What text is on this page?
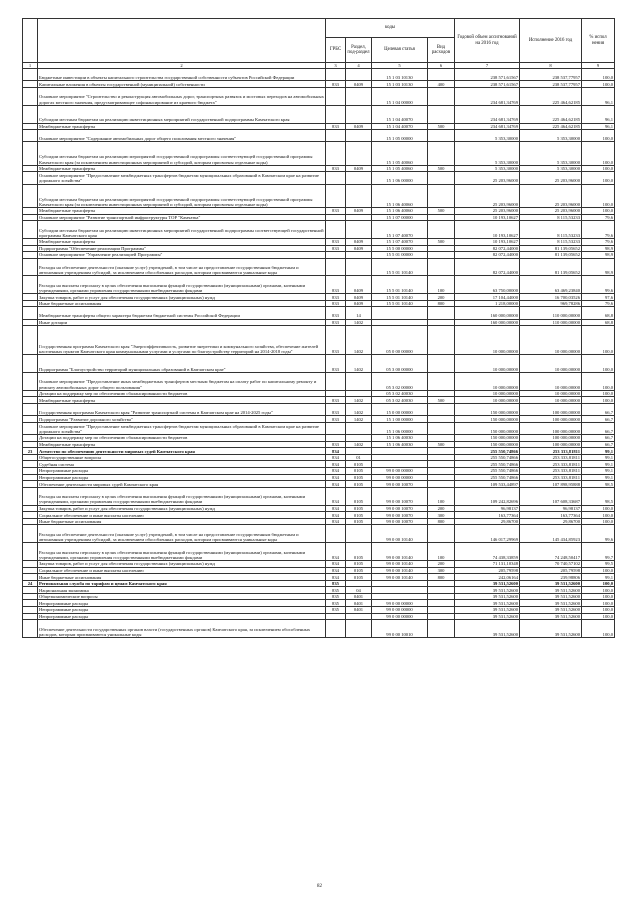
		коды				Годовой объем ассигнований на 2016 год	Исполнение 2016 год	% испол нения
		ГРБС	Раздел, под-раздел	Целевая статья	Вид расходов			
1	2	3	4	5	6	7	8	9
	Бюджетные инвестиции в объекты капитального строительства государственной собственности субъектов Российской Федерации			15 1 03 10130		238 571,61567	238 537,77957	100,0
	Капитальные вложения в объекты государственной (муниципальной) собственности	833	0409	15 1 03 10130	400	238 571,61567	238 537,77957	100,0
	Основное мероприятие "Строительство и реконструкция автомобильных дорог, транспортных развязок и мостовых переходов на автомобильных дорогах местного значения, предусматривающее софинансирование из краевого бюджета"			15 1 04 00000		234 681,34769	225 464,62185	96,1
	Субсидии местным бюджетам на реализацию инвестиционных мероприятий государственной подпрограммы Камчатского края			15 1 04 40070		234 681,34769	225 464,62185	96,1
	Межбюджетные трансферты	833	0409	15 1 04 40070	500	234 681,34769	225 464,62185	96,1
	Основное мероприятие "Содержание автомобильных дорог общего пользования местного значения"			15 1 05 00000		5 353,30000	5 353,30000	100,0
	Субсидии местным бюджетам на реализацию мероприятий государственной подпрограммы соответствующей государственной программы Камчатского края (за исключением инвестиционных мероприятий и субсидий, которым присвоены отдельные коды)			15 1 05 40060		5 353,30000	5 353,30000	100,0
	Межбюджетные трансферты	833	0409	15 1 05 40060	500	5 353,30000	5 353,30000	100,0
	Основное мероприятие "Предоставление межбюджетных трансфертов бюджетам муниципальных образований в Камчатском крае на развитие дорожного хозяйства"			15 1 06 00000		25 203,96000	25 203,96000	100,0
	Субсидии местным бюджетам на реализацию мероприятий государственной подпрограммы соответствующей государственной программы Камчатского края (за исключением инвестиционных мероприятий и субсидий, которым присвоены отдельные коды)			15 1 06 40060		25 203,96000	25 203,96000	100,0
	Межбюджетные трансферты	833	0409	15 1 06 40060	500	25 203,96000	25 203,96000	100,0
	Основное мероприятие "Развитие транспортной инфраструктуры ТОР "Камчатка"			15 1 07 00000		10 193,10627	8 115,53233	79,6
	Субсидии местным бюджетам на реализацию инвестиционных мероприятий государственной подпрограммы соответствующей государственной программы Камчатского края			15 1 07 40070		10 193,10627	8 115,53233	79,6
	Межбюджетные трансферты	833	0409	15 1 07 40070	500	10 193,10627	8 115,53233	79,6
	Подпрограмма "Обеспечение реализации Программы"	833	0409	15 5 00 00000		82 072,44000	81 139,05652	98,9
	Основное мероприятие "Управление реализацией Программы"			15 5 01 00000		82 072,44000	81 139,05652	98,9
	Расходы на обеспечение деятельности (оказание услуг) учреждений, в том числе на предоставление государственным бюджетным и автономным учреждениям субсидий, за исключением обособленных расходов, которым присваиваются уникальные коды			15 5 01 10140		82 072,44000	81 139,05652	98,9
	Расходы на выплаты персоналу в целях обеспечения выполнения функций государственными (муниципальными) органами, казенными учреждениями, органами управления государственными внебюджетными фондами	833	0409	15 5 01 10140	100	63 750,00000	63 469,23840	99,6
	Закупка товаров, работ и услуг для обеспечения государственных (муниципальных) нужд	833	0409	15 5 01 10140	200	17 104,44000	16 700,03526	97,6
	Иные бюджетные ассигнования	833	0409	15 5 01 10140	800	1 218,00000	969,78286	79,6
	Межбюджетные трансферты общего характера бюджетам бюджетной системы Российской Федерации	833	14			160 000,00000	110 000,00000	68,8
	Иные дотации	833	1402			160 000,00000	110 000,00000	68,8
	Государственная программа Камчатского края "Энергоэффективность, развитие энергетики и коммунального хозяйства, обеспечение жителей населенных пунктов Камчатского края коммунальными услугами и услугами по благоустройству территорий на 2014-2018 годы"	833	1402	05 0 00 00000		10 000,00000	10 000,00000	100,0
	Подпрограмма "Благоустройство территорий муниципальных образований в Камчатском крае"	833	1402	05 3 00 00000		10 000,00000	10 000,00000	100,0
	Основное мероприятие "Предоставление иных межбюджетных трансфертов местным бюджетам на оплату работ по капитальному ремонту и ремонту автомобильных дорог общего пользования"			05 3 02 00000		10 000,00000	10 000,00000	100,0
	Дотации на поддержку мер по обеспечению сбалансированности бюджетов			05 3 02 40030		10 000,00000	10 000,00000	100,0
	Межбюджетные трансферты	833	1402	05 3 02 40030	500	10 000,00000	10 000,00000	100,0
	Государственная программа Камчатского края "Развитие транспортной системы в Камчатском крае на 2014-2025 годы"	833	1402	15 0 00 00000		150 000,00000	100 000,00000	66,7
	Подпрограмма "Развитие дорожного хозяйства"	833	1402	15 1 00 00000		150 000,00000	100 000,00000	66,7
	Основное мероприятие "Предоставление межбюджетных трансфертов бюджетам муниципальных образований в Камчатском крае на развитие дорожного хозяйства"			15 1 06 00000		150 000,00000	100 000,00000	66,7
	Дотации на поддержку мер по обеспечению сбалансированности бюджетов			15 1 06 40030		150 000,00000	100 000,00000	66,7
	Межбюджетные трансферты	833	1402	15 1 06 40030	500	150 000,00000	100 000,00000	66,7
23	Агентство по обеспечению деятельности мировых судей Камчатского края	834				255 550,74866	253 333,81811	99,1
	Общегосударственные вопросы	834	01			255 550,74866	253 333,81811	99,1
	Судебная система	834	0105			255 550,74866	253 333,81811	99,1
	Непрограммные расходы	834	0105	99 0 00 00000		255 550,74866	253 333,81811	99,1
	Непрограммные расходы	834	0105	99 0 00 00000		255 550,74866	253 333,81811	99,1
	Обеспечение деятельности мировых судей Камчатского края	834	0105	99 0 00 10070		109 533,44897	107 898,95888	98,5
	Расходы на выплаты персоналу в целях обеспечения выполнения функций государственными (муниципальными) органами, казенными учреждениями, органами управления государственными внебюджетными фондами	834	0105	99 0 00 10070	100	109 242,82696	107 608,33687	98,5
	Закупка товаров, работ и услуг для обеспечения государственных (муниципальных) нужд	834	0105	99 0 00 10070	200	96,98137	96,98137	100,0
	Социальное обеспечение и иные выплаты населению	834	0105	99 0 00 10070	300	163,77364	163,77364	100,0
	Иные бюджетные ассигнования	834	0105	99 0 00 10070	800	29,86700	29,86700	100,0
	Расходы на обеспечение деятельности (оказание услуг) учреждений, в том числе на предоставление государственным бюджетным и автономным учреждениям субсидий, за исключением обособленных расходов, которым присваиваются уникальные коды			99 0 00 10140		146 017,29969	145 434,85923	99,6
	Расходы на выплаты персоналу в целях обеспечения выполнения функций государственными (муниципальными) органами, казенными учреждениями, органами управления государственными внебюджетными фондами	834	0105	99 0 00 10140	100	74 438,33859	74 248,50417	99,7
	Закупка товаров, работ и услуг для обеспечения государственных (муниципальных) нужд	834	0105	99 0 00 10140	200	71 131,10348	70 740,57102	99,5
	Социальное обеспечение и иные выплаты населению	834	0105	99 0 00 10140	300	205,79598	205,79598	100,0
	Иные бюджетные ассигнования	834	0105	99 0 00 10140	800	242,06164	239,98806	99,1
24	Региональная служба по тарифам и ценам Камчатского края	835				39 531,52600	39 531,52600	100,0
	Национальная экономика	835	04			39 531,52600	39 531,52600	100,0
	Общеэкономические вопросы	835	0401			39 531,52600	39 531,52600	100,0
	Непрограммные расходы	835	0401	99 0 00 00000		39 531,52600	39 531,52600	100,0
	Непрограммные расходы	835	0401	99 0 00 00000		39 531,52600	39 531,52600	100,0
	Непрограммные расходы			99 0 00 00000		39 531,52600	39 531,52600	100,0
	Обеспечение деятельности государственных органов власти (государственных органов) Камчатского края, за исключением обособленных расходов, которым присваиваются уникальные коды			99 0 00 10010		39 531,52600	39 531,52600	100,0
82
